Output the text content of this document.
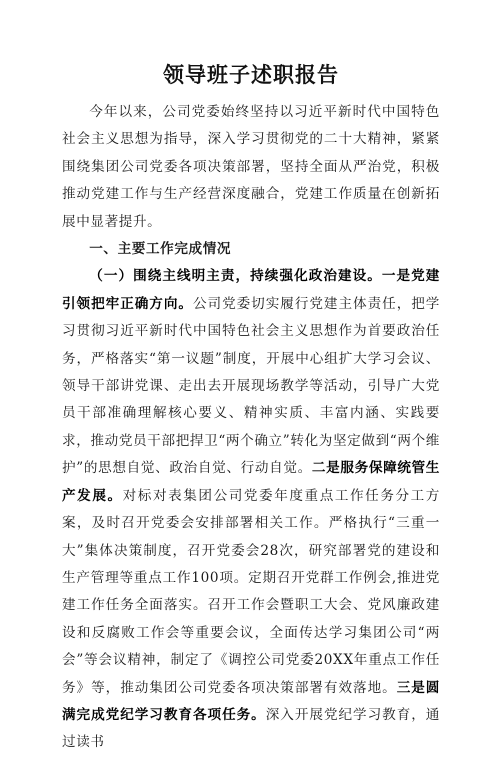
领导班子述职报告

今年以来，公司党委始终坚持以习近平新时代中国特色社会主义思想为指导，深入学习贯彻党的二十大精神，紧紧围绕集团公司党委各项决策部署，坚持全面从严治党，积极推动党建工作与生产经营深度融合，党建工作质量在创新拓展中显著提升。

一、主要工作完成情况

（一）围绕主线明主责，持续强化政治建设。一是党建引领把牢正确方向。公司党委切实履行党建主体责任，把学习贯彻习近平新时代中国特色社会主义思想作为首要政治任务，严格落实“第一议题”制度，开展中心组扩大学习会议、领导干部讲党课、走出去开展现场教学等活动，引导广大党员干部准确理解核心要义、精神实质、丰富内涵、实践要求，推动党员干部把捍卫“两个确立”转化为坚定做到“两个维护”的思想自觉、政治自觉、行动自觉。二是服务保障统管生产发展。对标对表集团公司党委年度重点工作任务分工方案，及时召开党委会安排部署相关工作。严格执行“三重一大”集体决策制度，召开党委会28次，研究部署党的建设和生产管理等重点工作100项。定期召开党群工作例会,推进党建工作任务全面落实。召开工作会暨职工大会、党风廉政建设和反腐败工作会等重要会议，全面传达学习集团公司“两会”等会议精神，制定了《调控公司党委20XX年重点工作任务》等，推动集团公司党委各项决策部署有效落地。三是圆满完成党纪学习教育各项任务。深入开展党纪学习教育，通过读书
